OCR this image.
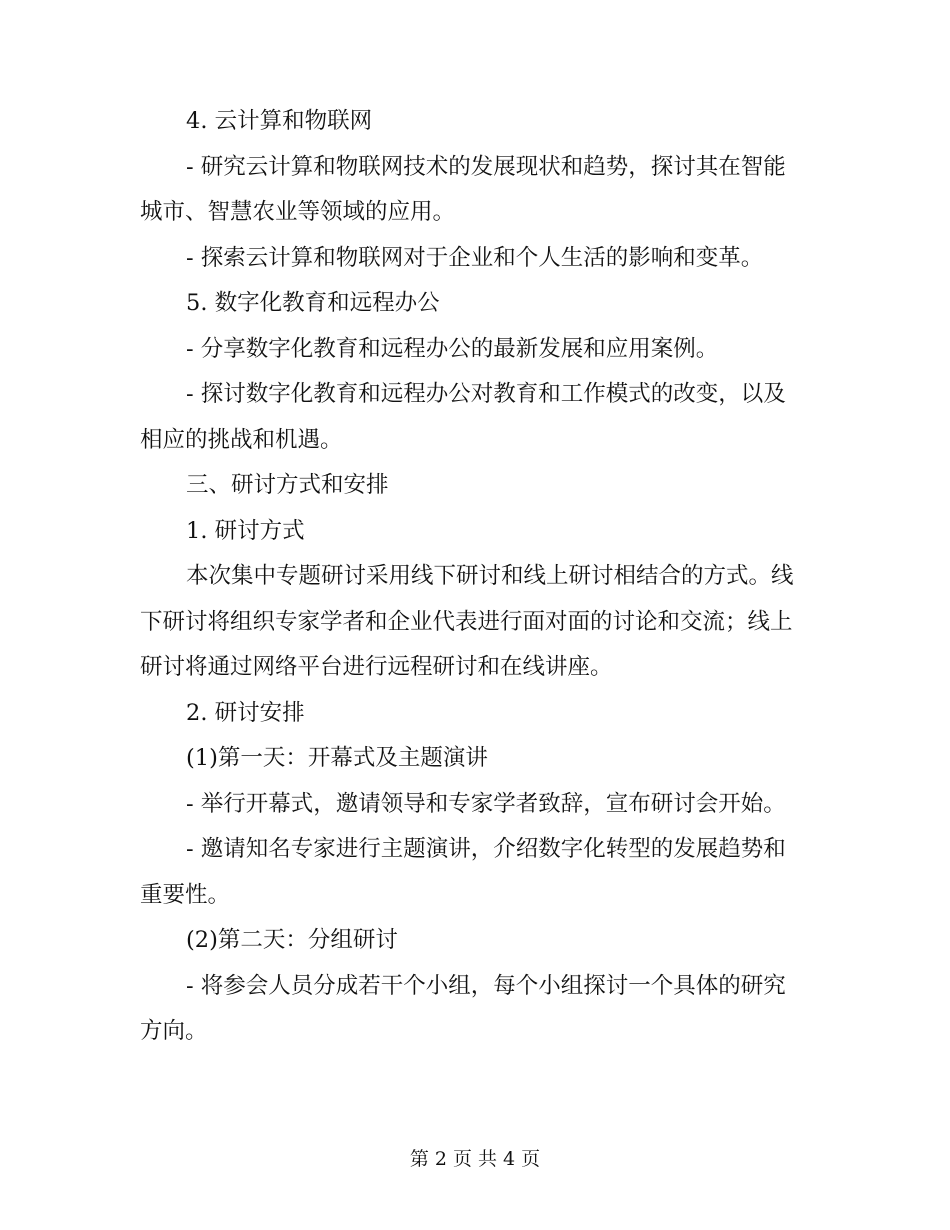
4. 云计算和物联网

- 研究云计算和物联网技术的发展现状和趋势，探讨其在智能城市、智慧农业等领域的应用。

- 探索云计算和物联网对于企业和个人生活的影响和变革。

5. 数字化教育和远程办公

- 分享数字化教育和远程办公的最新发展和应用案例。

- 探讨数字化教育和远程办公对教育和工作模式的改变，以及相应的挑战和机遇。

三、研讨方式和安排

1. 研讨方式

本次集中专题研讨采用线下研讨和线上研讨相结合的方式。线下研讨将组织专家学者和企业代表进行面对面的讨论和交流；线上研讨将通过网络平台进行远程研讨和在线讲座。

2. 研讨安排

(1)第一天：开幕式及主题演讲

- 举行开幕式，邀请领导和专家学者致辞，宣布研讨会开始。

- 邀请知名专家进行主题演讲，介绍数字化转型的发展趋势和重要性。

(2)第二天：分组研讨

- 将参会人员分成若干个小组，每个小组探讨一个具体的研究方向。

第 2 页 共 4 页
